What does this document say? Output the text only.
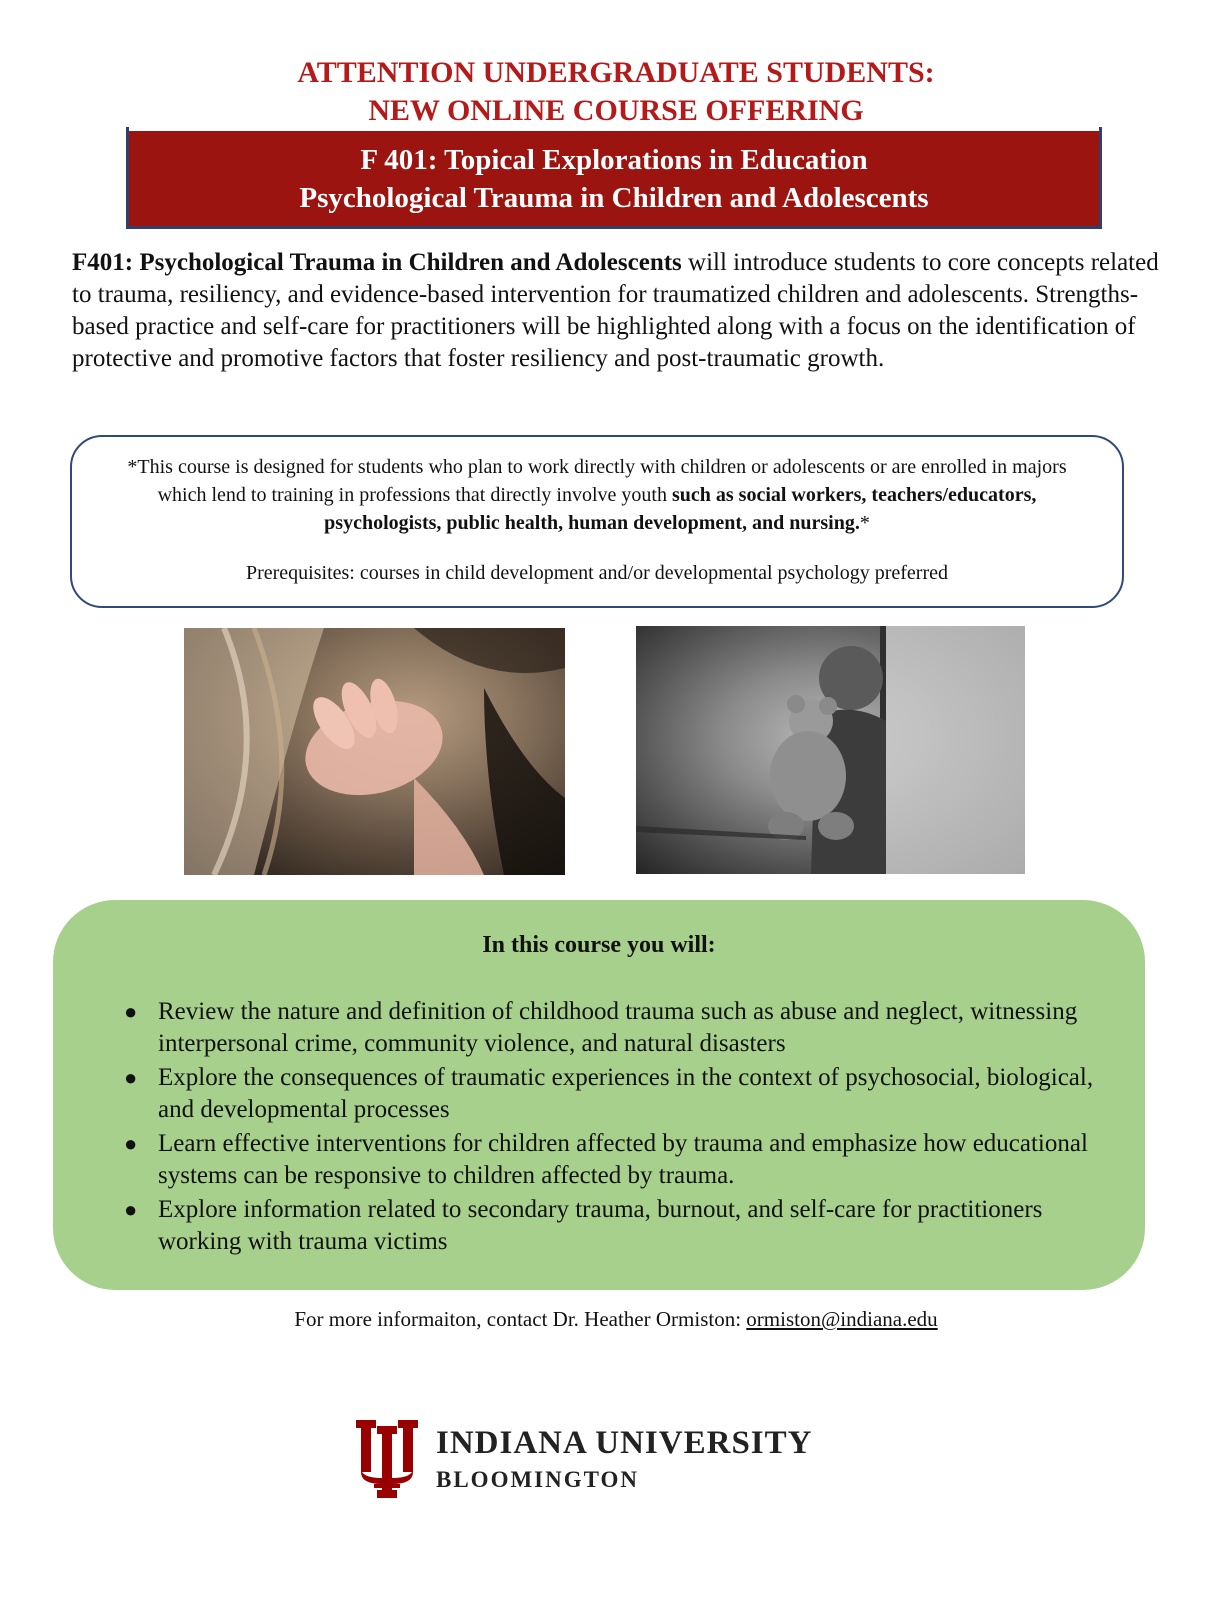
ATTENTION UNDERGRADUATE STUDENTS:
NEW ONLINE COURSE OFFERING
F 401: Topical Explorations in Education
Psychological Trauma in Children and Adolescents
F401: Psychological Trauma in Children and Adolescents will introduce students to core concepts related to trauma, resiliency, and evidence-based intervention for traumatized children and adolescents. Strengths-based practice and self-care for practitioners will be highlighted along with a focus on the identification of protective and promotive factors that foster resiliency and post-traumatic growth.
*This course is designed for students who plan to work directly with children or adolescents or are enrolled in majors which lend to training in professions that directly involve youth such as social workers, teachers/educators, psychologists, public health, human development, and nursing.*
Prerequisites: courses in child development and/or developmental psychology preferred
In this course you will:
● Review the nature and definition of childhood trauma such as abuse and neglect, witnessing interpersonal crime, community violence, and natural disasters
● Explore the consequences of traumatic experiences in the context of psychosocial, biological, and developmental processes
● Learn effective interventions for children affected by trauma and emphasize how educational systems can be responsive to children affected by trauma.
● Explore information related to secondary trauma, burnout, and self-care for practitioners working with trauma victims
For more informaiton, contact Dr. Heather Ormiston: ormiston@indiana.edu
INDIANA UNIVERSITY
BLOOMINGTON
